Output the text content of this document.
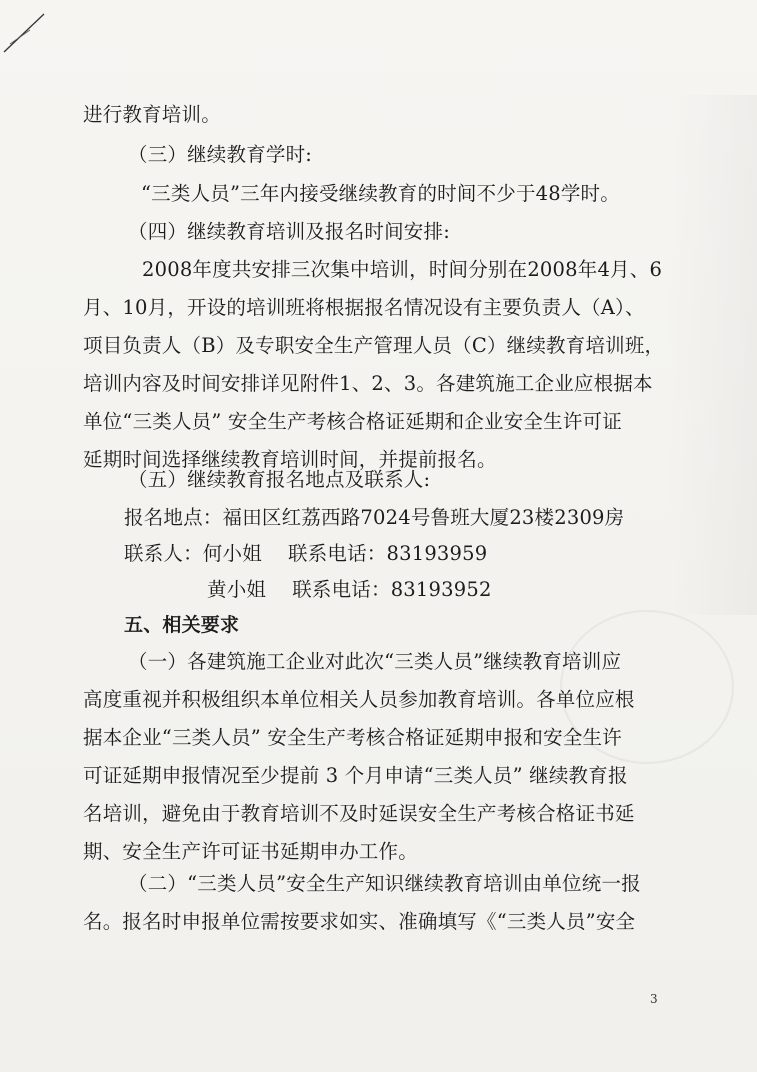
进行教育培训。
（三）继续教育学时:
“三类人员”三年内接受继续教育的时间不少于48学时。
（四）继续教育培训及报名时间安排:
2008年度共安排三次集中培训，时间分别在2008年4月、6
月、10月，开设的培训班将根据报名情况设有主要负责人（A）、
项目负责人（B）及专职安全生产管理人员（C）继续教育培训班，
培训内容及时间安排详见附件1、2、3。各建筑施工企业应根据本
单位“三类人员” 安全生产考核合格证延期和企业安全生许可证
延期时间选择继续教育培训时间，并提前报名。
（五）继续教育报名地点及联系人:
报名地点：福田区红荔西路7024号鲁班大厦23楼2309房
联系人：何小姐　 联系电话：83193959
黄小姐　 联系电话：83193952
五、相关要求
（一）各建筑施工企业对此次“三类人员”继续教育培训应
高度重视并积极组织本单位相关人员参加教育培训。各单位应根
据本企业“三类人员” 安全生产考核合格证延期申报和安全生许
可证延期申报情况至少提前 3 个月申请“三类人员” 继续教育报
名培训，避免由于教育培训不及时延误安全生产考核合格证书延
期、安全生产许可证书延期申办工作。
（二）“三类人员”安全生产知识继续教育培训由单位统一报
名。报名时申报单位需按要求如实、准确填写《“三类人员”安全
3
